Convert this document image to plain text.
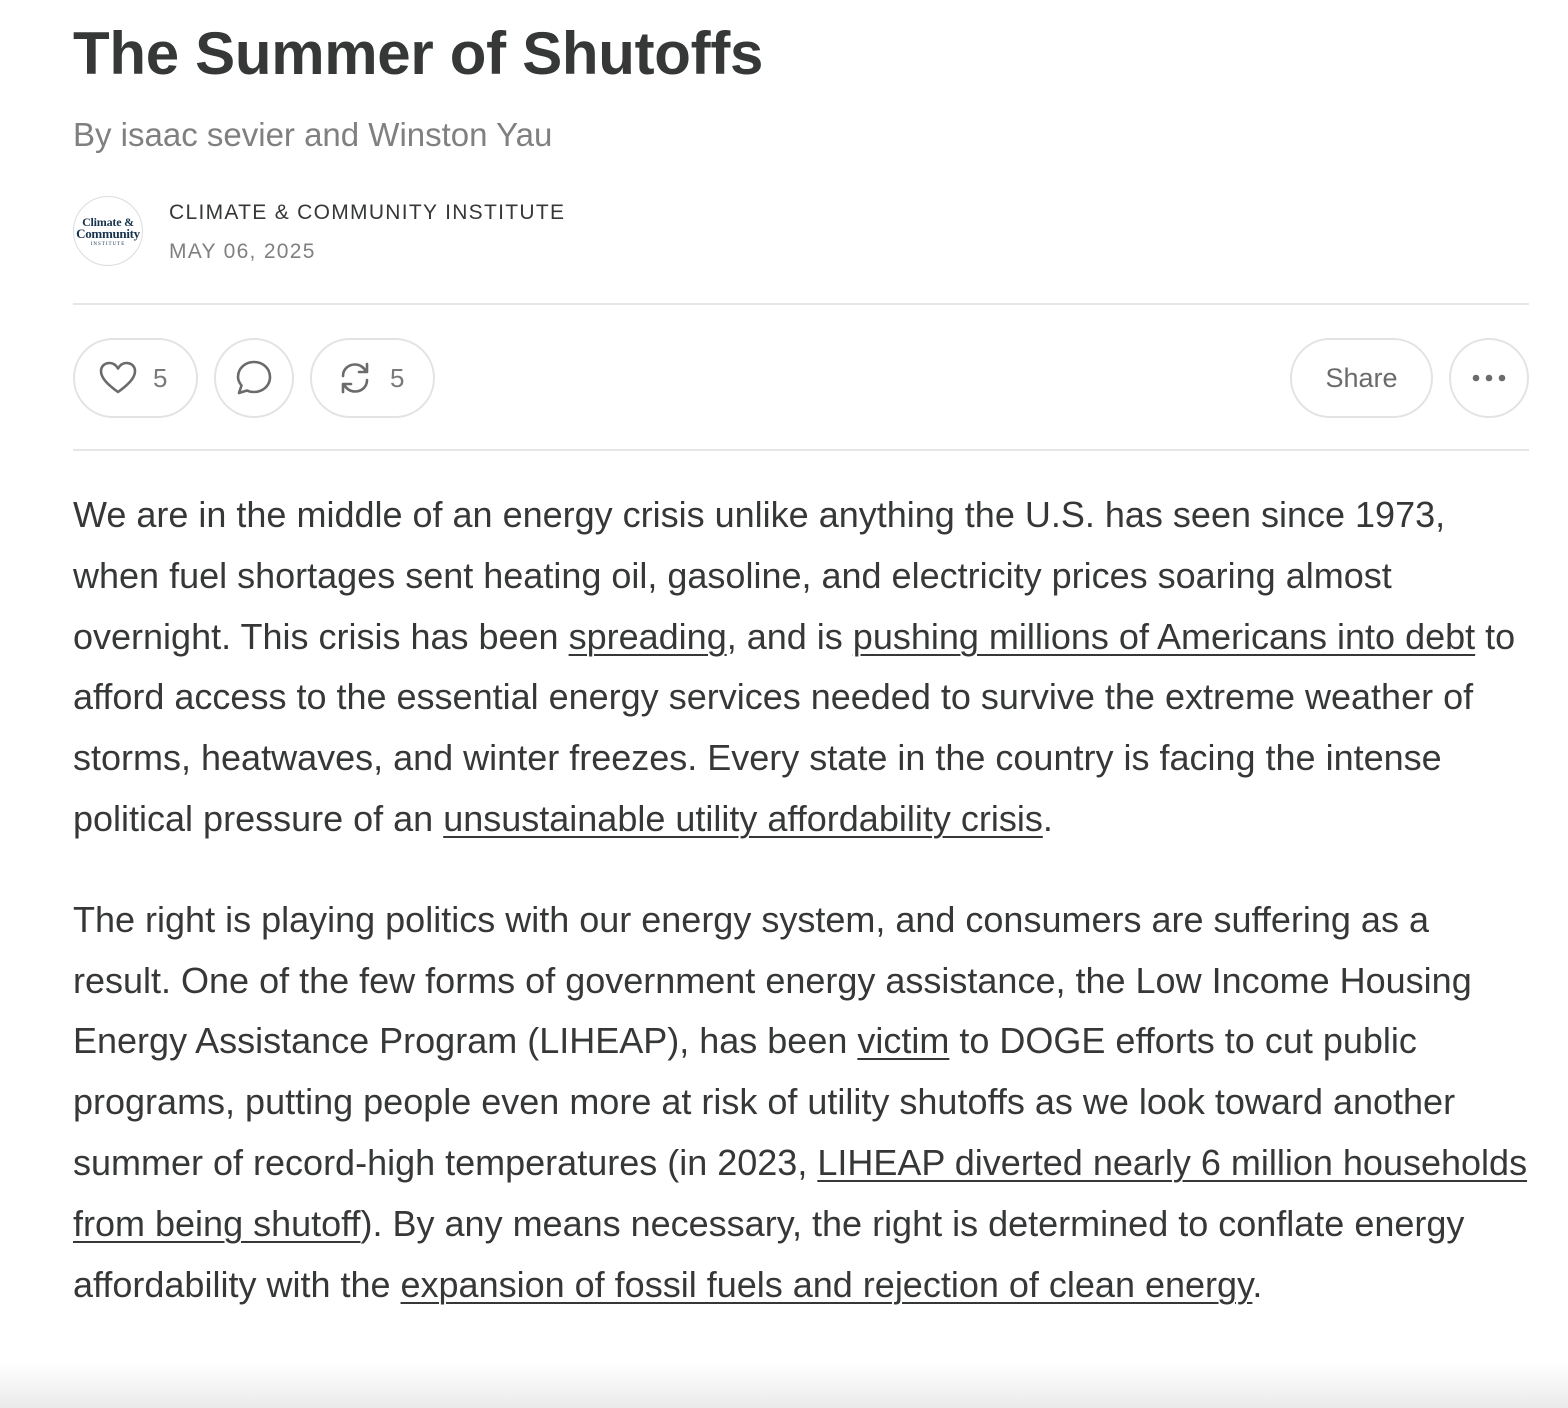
The Summer of Shutoffs
By isaac sevier and Winston Yau
Climate &
Community
INSTITUTE
CLIMATE & COMMUNITY INSTITUTE
MAY 06, 2025
5	5	Share

We are in the middle of an energy crisis unlike anything the U.S. has seen since 1973, when fuel shortages sent heating oil, gasoline, and electricity prices soaring almost overnight. This crisis has been spreading, and is pushing millions of Americans into debt to afford access to the essential energy services needed to survive the extreme weather of storms, heatwaves, and winter freezes. Every state in the country is facing the intense political pressure of an unsustainable utility affordability crisis.

The right is playing politics with our energy system, and consumers are suffering as a result. One of the few forms of government energy assistance, the Low Income Housing Energy Assistance Program (LIHEAP), has been victim to DOGE efforts to cut public programs, putting people even more at risk of utility shutoffs as we look toward another summer of record-high temperatures (in 2023, LIHEAP diverted nearly 6 million households from being shutoff). By any means necessary, the right is determined to conflate energy affordability with the expansion of fossil fuels and rejection of clean energy.
